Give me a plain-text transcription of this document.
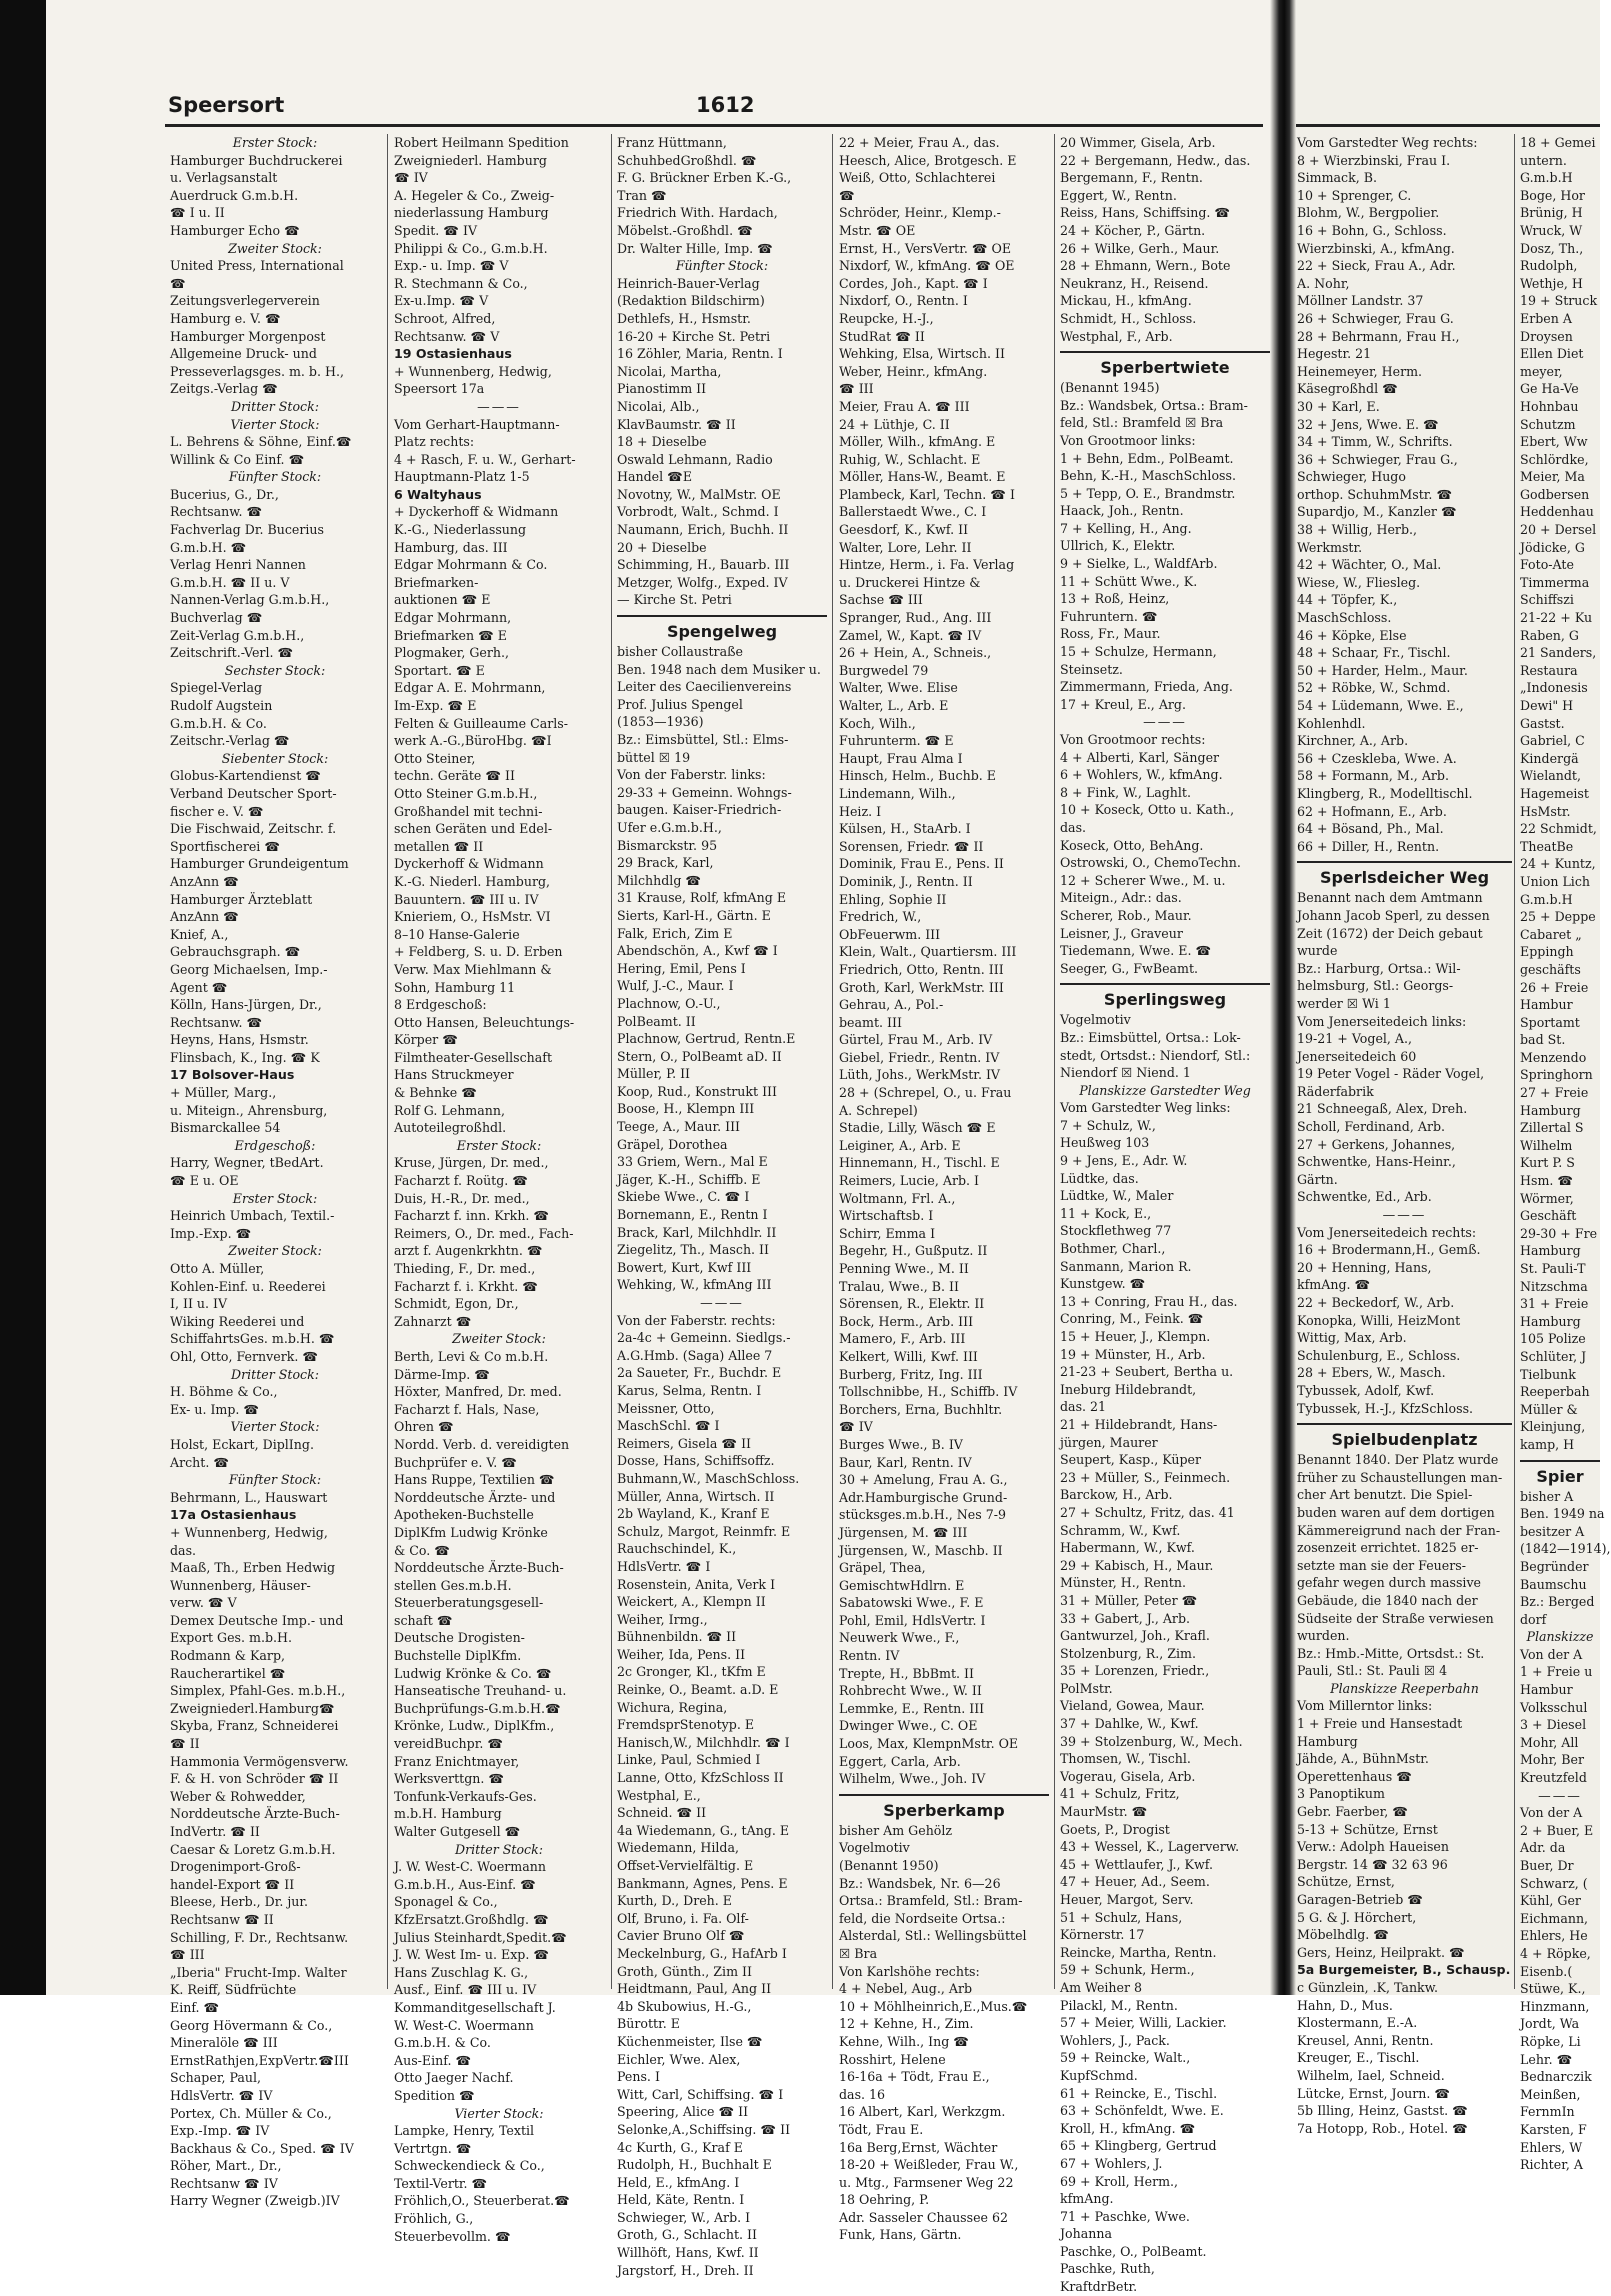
Speersort	1612
Erster Stock:
Hamburger Buchdruckerei
u. Verlagsanstalt
Auerdruck G.m.b.H.
☎ I u. II
Hamburger Echo ☎
Zweiter Stock:
United Press, International
☎
Zeitungsverlegerverein
Hamburg e. V. ☎
Hamburger Morgenpost
Allgemeine Druck- und
Presseverlagsges. m. b. H.,
Zeitgs.-Verlag ☎
Dritter Stock:
Vierter Stock:
L. Behrens & Söhne, Einf.☎
Willink & Co Einf. ☎
Fünfter Stock:
Bucerius, G., Dr.,
Rechtsanw. ☎
Fachverlag Dr. Bucerius
G.m.b.H. ☎
Verlag Henri Nannen
G.m.b.H. ☎ II u. V
Nannen-Verlag G.m.b.H.,
Buchverlag ☎
Zeit-Verlag G.m.b.H.,
Zeitschrift.-Verl. ☎
Sechster Stock:
Spiegel-Verlag
Rudolf Augstein
G.m.b.H. & Co.
Zeitschr.-Verlag ☎
Siebenter Stock:
Globus-Kartendienst ☎
Verband Deutscher Sport-
fischer e. V. ☎
Die Fischwaid, Zeitschr. f.
Sportfischerei ☎
Hamburger Grundeigentum
AnzAnn ☎
Hamburger Ärzteblatt
AnzAnn ☎
Knief, A.,
Gebrauchsgraph. ☎
Georg Michaelsen, Imp.-
Agent ☎
Kölln, Hans-Jürgen, Dr.,
Rechtsanw. ☎
Heyns, Hans, Hsmstr.
Flinsbach, K., Ing. ☎ K
17 Bolsover-Haus
+ Müller, Marg.,
u. Miteign., Ahrensburg,
Bismarckallee 54
Erdgeschoß:
Harry, Wegner, tBedArt.
☎ E u. OE
Erster Stock:
Heinrich Umbach, Textil.-
Imp.-Exp. ☎
Zweiter Stock:
Otto A. Müller,
Kohlen-Einf. u. Reederei
I, II u. IV
Wiking Reederei und
SchiffahrtsGes. m.b.H. ☎
Ohl, Otto, Fernverk. ☎
Dritter Stock:
H. Böhme & Co.,
Ex- u. Imp. ☎
Vierter Stock:
Holst, Eckart, DiplIng.
Archt. ☎
Fünfter Stock:
Behrmann, L., Hauswart
17a Ostasienhaus
+ Wunnenberg, Hedwig,
das.
Maaß, Th., Erben Hedwig
Wunnenberg, Häuser-
verw. ☎ V
Demex Deutsche Imp.- und
Export Ges. m.b.H.
Rodmann & Karp,
Raucherartikel ☎
Simplex, Pfahl-Ges. m.b.H.,
Zweigniederl.Hamburg☎
Skyba, Franz, Schneiderei
☎ II
Hammonia Vermögensverw.
F. & H. von Schröder ☎ II
Weber & Rohwedder,
Norddeutsche Ärzte-Buch-
IndVertr. ☎ II
Caesar & Loretz G.m.b.H.
Drogenimport-Groß-
handel-Export ☎ II
Bleese, Herb., Dr. jur.
Rechtsanw ☎ II
Schilling, F. Dr., Rechtsanw.
☎ III
„Iberia" Frucht-Imp. Walter
K. Reiff, Südfrüchte
Einf. ☎
Georg Hövermann & Co.,
Mineralöle ☎ III
ErnstRathjen,ExpVertr.☎III
Schaper, Paul,
HdlsVertr. ☎ IV
Portex, Ch. Müller & Co.,
Exp.-Imp. ☎ IV
Backhaus & Co., Sped. ☎ IV
Röher, Mart., Dr.,
Rechtsanw ☎ IV
Harry Wegner (Zweigb.)IV
Robert Heilmann Spedition
Zweigniederl. Hamburg
☎ IV
A. Hegeler & Co., Zweig-
niederlassung Hamburg
Spedit. ☎ IV
Philippi & Co., G.m.b.H.
Exp.- u. Imp. ☎ V
R. Stechmann & Co.,
Ex-u.Imp. ☎ V
Schroot, Alfred,
Rechtsanw. ☎ V
19 Ostasienhaus
+ Wunnenberg, Hedwig,
Speersort 17a
———
Vom Gerhart-Hauptmann-
Platz rechts:
4 + Rasch, F. u. W., Gerhart-
Hauptmann-Platz 1-5
6 Waltyhaus
+ Dyckerhoff & Widmann
K.-G., Niederlassung
Hamburg, das. III
Edgar Mohrmann & Co.
Briefmarken-
auktionen ☎ E
Edgar Mohrmann,
Briefmarken ☎ E
Plogmaker, Gerh.,
Sportart. ☎ E
Edgar A. E. Mohrmann,
Im-Exp. ☎ E
Felten & Guilleaume Carls-
werk A.-G.,BüroHbg. ☎I
Otto Steiner,
techn. Geräte ☎ II
Otto Steiner G.m.b.H.,
Großhandel mit techni-
schen Geräten und Edel-
metallen ☎ II
Dyckerhoff & Widmann
K.-G. Niederl. Hamburg,
Bauuntern. ☎ III u. IV
Knieriem, O., HsMstr. VI
8–10 Hanse-Galerie
+ Feldberg, S. u. D. Erben
Verw. Max Miehlmann &
Sohn, Hamburg 11
8 Erdgeschoß:
Otto Hansen, Beleuchtungs-
Körper ☎
Filmtheater-Gesellschaft
Hans Struckmeyer
& Behnke ☎
Rolf G. Lehmann,
Autoteilegroßhdl.
Erster Stock:
Kruse, Jürgen, Dr. med.,
Facharzt f. Roütg. ☎
Duis, H.-R., Dr. med.,
Facharzt f. inn. Krkh. ☎
Reimers, O., Dr. med., Fach-
arzt f. Augenkrkhtn. ☎
Thieding, F., Dr. med.,
Facharzt f. i. Krkht. ☎
Schmidt, Egon, Dr.,
Zahnarzt ☎
Zweiter Stock:
Berth, Levi & Co m.b.H.
Därme-Imp. ☎
Höxter, Manfred, Dr. med.
Facharzt f. Hals, Nase,
Ohren ☎
Nordd. Verb. d. vereidigten
Buchprüfer e. V. ☎
Hans Ruppe, Textilien ☎
Norddeutsche Ärzte- und
Apotheken-Buchstelle
DiplKfm Ludwig Krönke
& Co. ☎
Norddeutsche Ärzte-Buch-
stellen Ges.m.b.H.
Steuerberatungsgesell-
schaft ☎
Deutsche Drogisten-
Buchstelle DiplKfm.
Ludwig Krönke & Co. ☎
Hanseatische Treuhand- u.
Buchprüfungs-G.m.b.H.☎
Krönke, Ludw., DiplKfm.,
vereidBuchpr. ☎
Franz Enichtmayer,
Werksverttgn. ☎
Tonfunk-Verkaufs-Ges.
m.b.H. Hamburg
Walter Gutgesell ☎
Dritter Stock:
J. W. West-C. Woermann
G.m.b.H., Aus-Einf. ☎
Sponagel & Co.,
KfzErsatzt.Großhdlg. ☎
Julius Steinhardt,Spedit.☎
J. W. West Im- u. Exp. ☎
Hans Zuschlag K. G.,
Ausf., Einf. ☎ III u. IV
Kommanditgesellschaft J.
W. West-C. Woermann
G.m.b.H. & Co.
Aus-Einf. ☎
Otto Jaeger Nachf.
Spedition ☎
Vierter Stock:
Lampke, Henry, Textil
Vertrtgn. ☎
Schweckendieck & Co.,
Textil-Vertr. ☎
Fröhlich,O., Steuerberat.☎
Fröhlich, G.,
Steuerbevollm. ☎
Franz Hüttmann,
SchuhbedGroßhdl. ☎
F. G. Brückner Erben K.-G.,
Tran ☎
Friedrich With. Hardach,
Möbelst.-Großhdl. ☎
Dr. Walter Hille, Imp. ☎
Fünfter Stock:
Heinrich-Bauer-Verlag
(Redaktion Bildschirm)
Dethlefs, H., Hsmstr.
16-20 + Kirche St. Petri
16 Zöhler, Maria, Rentn. I
Nicolai, Martha,
Pianostimm II
Nicolai, Alb.,
KlavBaumstr. ☎ II
18 + Dieselbe
Oswald Lehmann, Radio
Handel ☎E
Novotny, W., MalMstr. OE
Vorbrodt, Walt., Schmd. I
Naumann, Erich, Buchh. II
20 + Dieselbe
Schimming, H., Bauarb. III
Metzger, Wolfg., Exped. IV
— Kirche St. Petri
Spengelweg
bisher Collaustraße
Ben. 1948 nach dem Musiker u.
Leiter des Caecilienvereins
Prof. Julius Spengel
(1853—1936)
Bz.: Eimsbüttel, Stl.: Elms-
büttel ☒ 19
Von der Faberstr. links:
29-33 + Gemeinn. Wohngs-
baugen. Kaiser-Friedrich-
Ufer e.G.m.b.H.,
Bismarckstr. 95
29 Brack, Karl,
Milchhdlg ☎
31 Krause, Rolf, kfmAng E
Sierts, Karl-H., Gärtn. E
Falk, Erich, Zim E
Abendschön, A., Kwf ☎ I
Hering, Emil, Pens I
Wulf, J.-C., Maur. I
Plachnow, O.-U.,
PolBeamt. II
Plachnow, Gertrud, Rentn.E
Stern, O., PolBeamt aD. II
Müller, P. II
Koop, Rud., Konstrukt III
Boose, H., Klempn III
Teege, A., Maur. III
Gräpel, Dorothea
33 Griem, Wern., Mal E
Jäger, K.-H., Schiffb. E
Skiebe Wwe., C. ☎ I
Bornemann, E., Rentn I
Brack, Karl, Milchhdlr. II
Ziegelitz, Th., Masch. II
Bowert, Kurt, Kwf III
Wehking, W., kfmAng III
———
Von der Faberstr. rechts:
2a-4c + Gemeinn. Siedlgs.-
A.G.Hmb. (Saga) Allee 7
2a Saueter, Fr., Buchdr. E
Karus, Selma, Rentn. I
Meissner, Otto,
MaschSchl. ☎ I
Reimers, Gisela ☎ II
Dosse, Hans, Schiffsoffz.
Buhmann,W., MaschSchloss.
Müller, Anna, Wirtsch. II
2b Wayland, K., Kranf E
Schulz, Margot, Reinmfr. E
Rauchschindel, K.,
HdlsVertr. ☎ I
Rosenstein, Anita, Verk I
Weickert, A., Klempn II
Weiher, Irmg.,
Bühnenbildn. ☎ II
Weiher, Ida, Pens. II
2c Gronger, Kl., tKfm E
Reinke, O., Beamt. a.D. E
Wichura, Regina,
FremdsprStenotyp. E
Hanisch,W., Milchhdlr. ☎ I
Linke, Paul, Schmied I
Lanne, Otto, KfzSchloss II
Westphal, E.,
Schneid. ☎ II
4a Wiedemann, G., tAng. E
Wiedemann, Hilda,
Offset-Vervielfältig. E
Bankmann, Agnes, Pens. E
Kurth, D., Dreh. E
Olf, Bruno, i. Fa. Olf-
Cavier Bruno Olf ☎
Meckelnburg, G., HafArb I
Groth, Günth., Zim II
Heidtmann, Paul, Ang II
4b Skubowius, H.-G.,
Bürottr. E
Küchenmeister, Ilse ☎
Eichler, Wwe. Alex,
Pens. I
Witt, Carl, Schiffsing. ☎ I
Speering, Alice ☎ II
Selonke,A.,Schiffsing. ☎ II
4c Kurth, G., Kraf E
Rudolph, H., Buchhalt E
Held, E., kfmAng. I
Held, Käte, Rentn. I
Schwieger, W., Arb. I
Groth, G., Schlacht. II
Willhöft, Hans, Kwf. II
Jargstorf, H., Dreh. II
22 + Meier, Frau A., das.
Heesch, Alice, Brotgesch. E
Weiß, Otto, Schlachterei
☎
Schröder, Heinr., Klemp.-
Mstr. ☎ OE
Ernst, H., VersVertr. ☎ OE
Nixdorf, W., kfmAng. ☎ OE
Cordes, Joh., Kapt. ☎ I
Nixdorf, O., Rentn. I
Reupcke, H.-J.,
StudRat ☎ II
Wehking, Elsa, Wirtsch. II
Weber, Heinr., kfmAng.
☎ III
Meier, Frau A. ☎ III
24 + Lüthje, C. II
Möller, Wilh., kfmAng. E
Ruhig, W., Schlacht. E
Möller, Hans-W., Beamt. E
Plambeck, Karl, Techn. ☎ I
Ballerstaedt Wwe., C. I
Geesdorf, K., Kwf. II
Walter, Lore, Lehr. II
Hintze, Herm., i. Fa. Verlag
u. Druckerei Hintze &
Sachse ☎ III
Spranger, Rud., Ang. III
Zamel, W., Kapt. ☎ IV
26 + Hein, A., Schneis.,
Burgwedel 79
Walter, Wwe. Elise
Walter, L., Arb. E
Koch, Wilh.,
Fuhrunterm. ☎ E
Haupt, Frau Alma I
Hinsch, Helm., Buchb. E
Lindemann, Wilh.,
Heiz. I
Külsen, H., StaArb. I
Sorensen, Friedr. ☎ II
Dominik, Frau E., Pens. II
Dominik, J., Rentn. II
Ehling, Sophie II
Fredrich, W.,
ObFeuerwm. III
Klein, Walt., Quartiersm. III
Friedrich, Otto, Rentn. III
Groth, Karl, WerkMstr. III
Gehrau, A., Pol.-
beamt. III
Gürtel, Frau M., Arb. IV
Giebel, Friedr., Rentn. IV
Lüth, Johs., WerkMstr. IV
28 + (Schrepel, O., u. Frau
A. Schrepel)
Stadie, Lilly, Wäsch ☎ E
Leiginer, A., Arb. E
Hinnemann, H., Tischl. E
Reimers, Lucie, Arb. I
Woltmann, Frl. A.,
Wirtschaftsb. I
Schirr, Emma I
Begehr, H., Gußputz. II
Penning Wwe., M. II
Tralau, Wwe., B. II
Sörensen, R., Elektr. II
Bock, Herm., Arb. III
Mamero, F., Arb. III
Kelkert, Willi, Kwf. III
Burberg, Fritz, Ing. III
Tollschnibbe, H., Schiffb. IV
Borchers, Erna, Buchhltr.
☎ IV
Burges Wwe., B. IV
Baur, Karl, Rentn. IV
30 + Amelung, Frau A. G.,
Adr.Hamburgische Grund-
stücksges.m.b.H., Nes 7-9
Jürgensen, M. ☎ III
Jürgensen, W., Maschb. II
Gräpel, Thea,
GemischtwHdlrn. E
Sabatowski Wwe., F. E
Pohl, Emil, HdlsVertr. I
Neuwerk Wwe., F.,
Rentn. IV
Trepte, H., BbBmt. II
Rohbrecht Wwe., W. II
Lemmke, E., Rentn. III
Dwinger Wwe., C. OE
Loos, Max, KlempnMstr. OE
Eggert, Carla, Arb.
Wilhelm, Wwe., Joh. IV
Sperberkamp
bisher Am Gehölz
Vogelmotiv
(Benannt 1950)
Bz.: Wandsbek, Nr. 6—26
Ortsa.: Bramfeld, Stl.: Bram-
feld, die Nordseite Ortsa.:
Alsterdal, Stl.: Wellingsbüttel
☒ Bra
Von Karlshöhe rechts:
4 + Nebel, Aug., Arb
10 + Möhlheinrich,E.,Mus.☎
12 + Kehne, H., Zim.
Kehne, Wilh., Ing ☎
Rosshirt, Helene
16-16a + Tödt, Frau E.,
das. 16
16 Albert, Karl, Werkzgm.
Tödt, Frau E.
16a Berg,Ernst, Wächter
18-20 + Weißleder, Frau W.,
u. Mtg., Farmsener Weg 22
18 Oehring, P.
Adr. Sasseler Chaussee 62
Funk, Hans, Gärtn.
20 Wimmer, Gisela, Arb.
22 + Bergemann, Hedw., das.
Bergemann, F., Rentn.
Eggert, W., Rentn.
Reiss, Hans, Schiffsing. ☎
24 + Köcher, P., Gärtn.
26 + Wilke, Gerh., Maur.
28 + Ehmann, Wern., Bote
Neukranz, H., Reisend.
Mickau, H., kfmAng.
Schmidt, H., Schloss.
Westphal, F., Arb.
Sperbertwiete
(Benannt 1945)
Bz.: Wandsbek, Ortsa.: Bram-
feld, Stl.: Bramfeld ☒ Bra
Von Grootmoor links:
1 + Behn, Edm., PolBeamt.
Behn, K.-H., MaschSchloss.
5 + Tepp, O. E., Brandmstr.
Haack, Joh., Rentn.
7 + Kelling, H., Ang.
Ullrich, K., Elektr.
9 + Sielke, L., WaldfArb.
11 + Schütt Wwe., K.
13 + Roß, Heinz,
Fuhruntern. ☎
Ross, Fr., Maur.
15 + Schulze, Hermann,
Steinsetz.
Zimmermann, Frieda, Ang.
17 + Kreul, E., Arg.
———
Von Grootmoor rechts:
4 + Alberti, Karl, Sänger
6 + Wohlers, W., kfmAng.
8 + Fink, W., Laghlt.
10 + Koseck, Otto u. Kath.,
das.
Koseck, Otto, BehAng.
Ostrowski, O., ChemoTechn.
12 + Scherer Wwe., M. u.
Miteign., Adr.: das.
Scherer, Rob., Maur.
Leisner, J., Graveur
Tiedemann, Wwe. E. ☎
Seeger, G., FwBeamt.
Sperlingsweg
Vogelmotiv
Bz.: Eimsbüttel, Ortsa.: Lok-
stedt, Ortsdst.: Niendorf, Stl.:
Niendorf ☒ Niend. 1
Planskizze Garstedter Weg
Vom Garstedter Weg links:
7 + Schulz, W.,
Heußweg 103
9 + Jens, E., Adr. W.
Lüdtke, das.
Lüdtke, W., Maler
11 + Kock, E.,
Stockflethweg 77
Bothmer, Charl.,
Sanmann, Marion R.
Kunstgew. ☎
13 + Conring, Frau H., das.
Conring, M., Feink. ☎
15 + Heuer, J., Klempn.
19 + Münster, H., Arb.
21-23 + Seubert, Bertha u.
Ineburg Hildebrandt,
das. 21
21 + Hildebrandt, Hans-
jürgen, Maurer
Seupert, Kasp., Küper
23 + Müller, S., Feinmech.
Barckow, H., Arb.
27 + Schultz, Fritz, das. 41
Schramm, W., Kwf.
Habermann, W., Kwf.
29 + Kabisch, H., Maur.
Münster, H., Rentn.
31 + Müller, Peter ☎
33 + Gabert, J., Arb.
Gantwurzel, Joh., Krafl.
Stolzenburg, R., Zim.
35 + Lorenzen, Friedr.,
PolMstr.
Vieland, Gowea, Maur.
37 + Dahlke, W., Kwf.
39 + Stolzenburg, W., Mech.
Thomsen, W., Tischl.
Vogerau, Gisela, Arb.
41 + Schulz, Fritz,
MaurMstr. ☎
Goets, P., Drogist
43 + Wessel, K., Lagerverw.
45 + Wettlaufer, J., Kwf.
47 + Heuer, Ad., Seem.
Heuer, Margot, Serv.
51 + Schulz, Hans,
Körnerstr. 17
Reincke, Martha, Rentn.
59 + Schunk, Herm.,
Am Weiher 8
Pilackl, M., Rentn.
57 + Meier, Willi, Lackier.
Wohlers, J., Pack.
59 + Reincke, Walt.,
KupfSchmd.
61 + Reincke, E., Tischl.
63 + Schönfeldt, Wwe. E.
Kroll, H., kfmAng. ☎
65 + Klingberg, Gertrud
67 + Wohlers, J.
69 + Kroll, Herm.,
kfmAng.
71 + Paschke, Wwe.
Johanna
Paschke, O., PolBeamt.
Paschke, Ruth,
KraftdrBetr.
Vom Garstedter Weg rechts:
8 + Wierzbinski, Frau I.
Simmack, B.
10 + Sprenger, C.
Blohm, W., Bergpolier.
16 + Bohn, G., Schloss.
Wierzbinski, A., kfmAng.
22 + Sieck, Frau A., Adr.
A. Nohr,
Möllner Landstr. 37
26 + Schwieger, Frau G.
28 + Behrmann, Frau H.,
Hegestr. 21
Heinemeyer, Herm.
Käsegroßhdl ☎
30 + Karl, E.
32 + Jens, Wwe. E. ☎
34 + Timm, W., Schrifts.
36 + Schwieger, Frau G.,
Schwieger, Hugo
orthop. SchuhmMstr. ☎
Supardjo, M., Kanzler ☎
38 + Willig, Herb.,
Werkmstr.
42 + Wächter, O., Mal.
Wiese, W., Fliesleg.
44 + Töpfer, K.,
MaschSchloss.
46 + Köpke, Else
48 + Schaar, Fr., Tischl.
50 + Harder, Helm., Maur.
52 + Röbke, W., Schmd.
54 + Lüdemann, Wwe. E.,
Kohlenhdl.
Kirchner, A., Arb.
56 + Czeskleba, Wwe. A.
58 + Formann, M., Arb.
Klingberg, R., Modelltischl.
62 + Hofmann, E., Arb.
64 + Bösand, Ph., Mal.
66 + Diller, H., Rentn.
Sperlsdeicher Weg
Benannt nach dem Amtmann
Johann Jacob Sperl, zu dessen
Zeit (1672) der Deich gebaut
wurde
Bz.: Harburg, Ortsa.: Wil-
helmsburg, Stl.: Georgs-
werder ☒ Wi 1
Vom Jenerseitedeich links:
19-21 + Vogel, A.,
Jenerseitedeich 60
19 Peter Vogel - Räder Vogel,
Räderfabrik
21 Schneegaß, Alex, Dreh.
Scholl, Ferdinand, Arb.
27 + Gerkens, Johannes,
Schwentke, Hans-Heinr.,
Gärtn.
Schwentke, Ed., Arb.
———
Vom Jenerseitedeich rechts:
16 + Brodermann,H., Gemß.
20 + Henning, Hans,
kfmAng. ☎
22 + Beckedorf, W., Arb.
Konopka, Willi, HeizMont
Wittig, Max, Arb.
Schulenburg, E., Schloss.
28 + Ebers, W., Masch.
Tybussek, Adolf, Kwf.
Tybussek, H.-J., KfzSchloss.
Spielbudenplatz
Benannt 1840. Der Platz wurde
früher zu Schaustellungen man-
cher Art benutzt. Die Spiel-
buden waren auf dem dortigen
Kämmereigrund nach der Fran-
zosenzeit errichtet. 1825 er-
setzte man sie der Feuers-
gefahr wegen durch massive
Gebäude, die 1840 nach der
Südseite der Straße verwiesen
wurden.
Bz.: Hmb.-Mitte, Ortsdst.: St.
Pauli, Stl.: St. Pauli ☒ 4
Planskizze Reeperbahn
Vom Millerntor links:
1 + Freie und Hansestadt
Hamburg
Jähde, A., BühnMstr.
Operettenhaus ☎
3 Panoptikum
Gebr. Faerber, ☎
5-13 + Schütze, Ernst
Verw.: Adolph Haueisen
Bergstr. 14 ☎ 32 63 96
Schütze, Ernst,
Garagen-Betrieb ☎
5 G. & J. Hörchert,
Möbelhdlg. ☎
Gers, Heinz, Heilprakt. ☎
5a Burgemeister, B., Schausp.
c Günzlein, .K, Tankw.
Hahn, D., Mus.
Klostermann, E.-A.
Kreusel, Anni, Rentn.
Kreuger, E., Tischl.
Wilhelm, Iael, Schneid.
Lütcke, Ernst, Journ. ☎
5b Illing, Heinz, Gastst. ☎
7a Hotopp, Rob., Hotel. ☎
18 + Gemei
untern.
G.m.b.H
Boge, Hor
Brünig, H
Wruck, W
Dosz, Th.,
Rudolph,
Wethje, H
19 + Struck
Erben A
Droysen
Ellen Diet
meyer,
Ge Ha-Ve
Hohnbau
Schutzm
Ebert, Ww
Schlördke,
Meier, Ma
Godbersen
Heddenhau
20 + Dersel
Jödicke, G
Foto-Ate
Timmerma
Schiffszi
21-22 + Ku
Raben, G
21 Sanders,
Restaura
„Indonesis
Dewi" H
Gastst.
Gabriel, C
Kindergä
Wielandt,
Hagemeist
HsMstr.
22 Schmidt,
TheatBe
24 + Kuntz,
Union Lich
G.m.b.H
25 + Deppe
Cabaret „
Eppingh
geschäfts
26 + Freie
Hambur
Sportamt
bad St.
Menzendo
Springhorn
27 + Freie
Hamburg
Zillertal S
Wilhelm
Kurt P. S
Hsm. ☎
Wörmer,
Geschäft
29-30 + Fre
Hamburg
St. Pauli-T
Nitzschma
31 + Freie
Hamburg
105 Polize
Schlüter, J
Tielbunk
Reeperbah
Müller &
Kleinjung,
kamp, H
Spier
bisher A
Ben. 1949 na
besitzer A
(1842—1914),
Begründer
Baumschu
Bz.: Berged
dorf
Planskizze
Von der A
1 + Freie u
Hambur
Volksschul
3 + Diesel
Mohr, All
Mohr, Ber
Kreutzfeld
———
Von der A
2 + Buer, E
Adr. da
Buer, Dr
Schwarz, (
Kühl, Ger
Eichmann,
Ehlers, He
4 + Röpke,
Eisenb.(
Stüwe, K.,
Hinzmann,
Jordt, Wa
Röpke, Li
Lehr. ☎
Bednarczik
Meinßen,
FernmIn
Karsten, F
Ehlers, W
Richter, A
